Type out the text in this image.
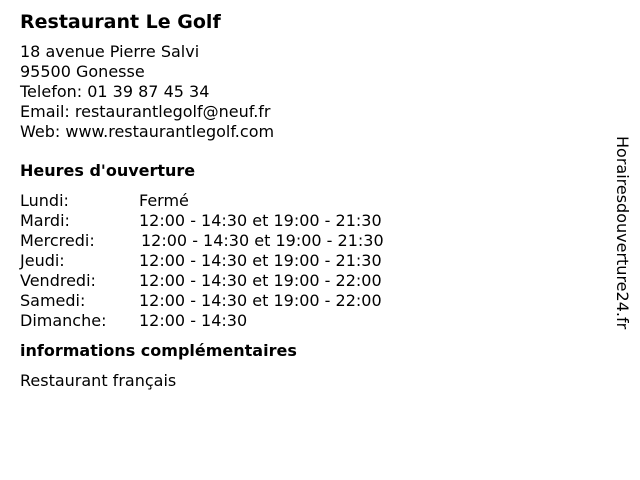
Restaurant Le Golf
18 avenue Pierre Salvi
95500 Gonesse
Telefon: 01 39 87 45 34
Email: restaurantlegolf@neuf.fr
Web: www.restaurantlegolf.com
Heures d'ouverture
Lundi:	Fermé
Mardi:	12:00 - 14:30 et 19:00 - 21:30
Mercredi:	12:00 - 14:30 et 19:00 - 21:30
Jeudi:	12:00 - 14:30 et 19:00 - 21:30
Vendredi:	12:00 - 14:30 et 19:00 - 22:00
Samedi:	12:00 - 14:30 et 19:00 - 22:00
Dimanche:	12:00 - 14:30
informations complémentaires
Restaurant français
Horairesdouverture24.fr
